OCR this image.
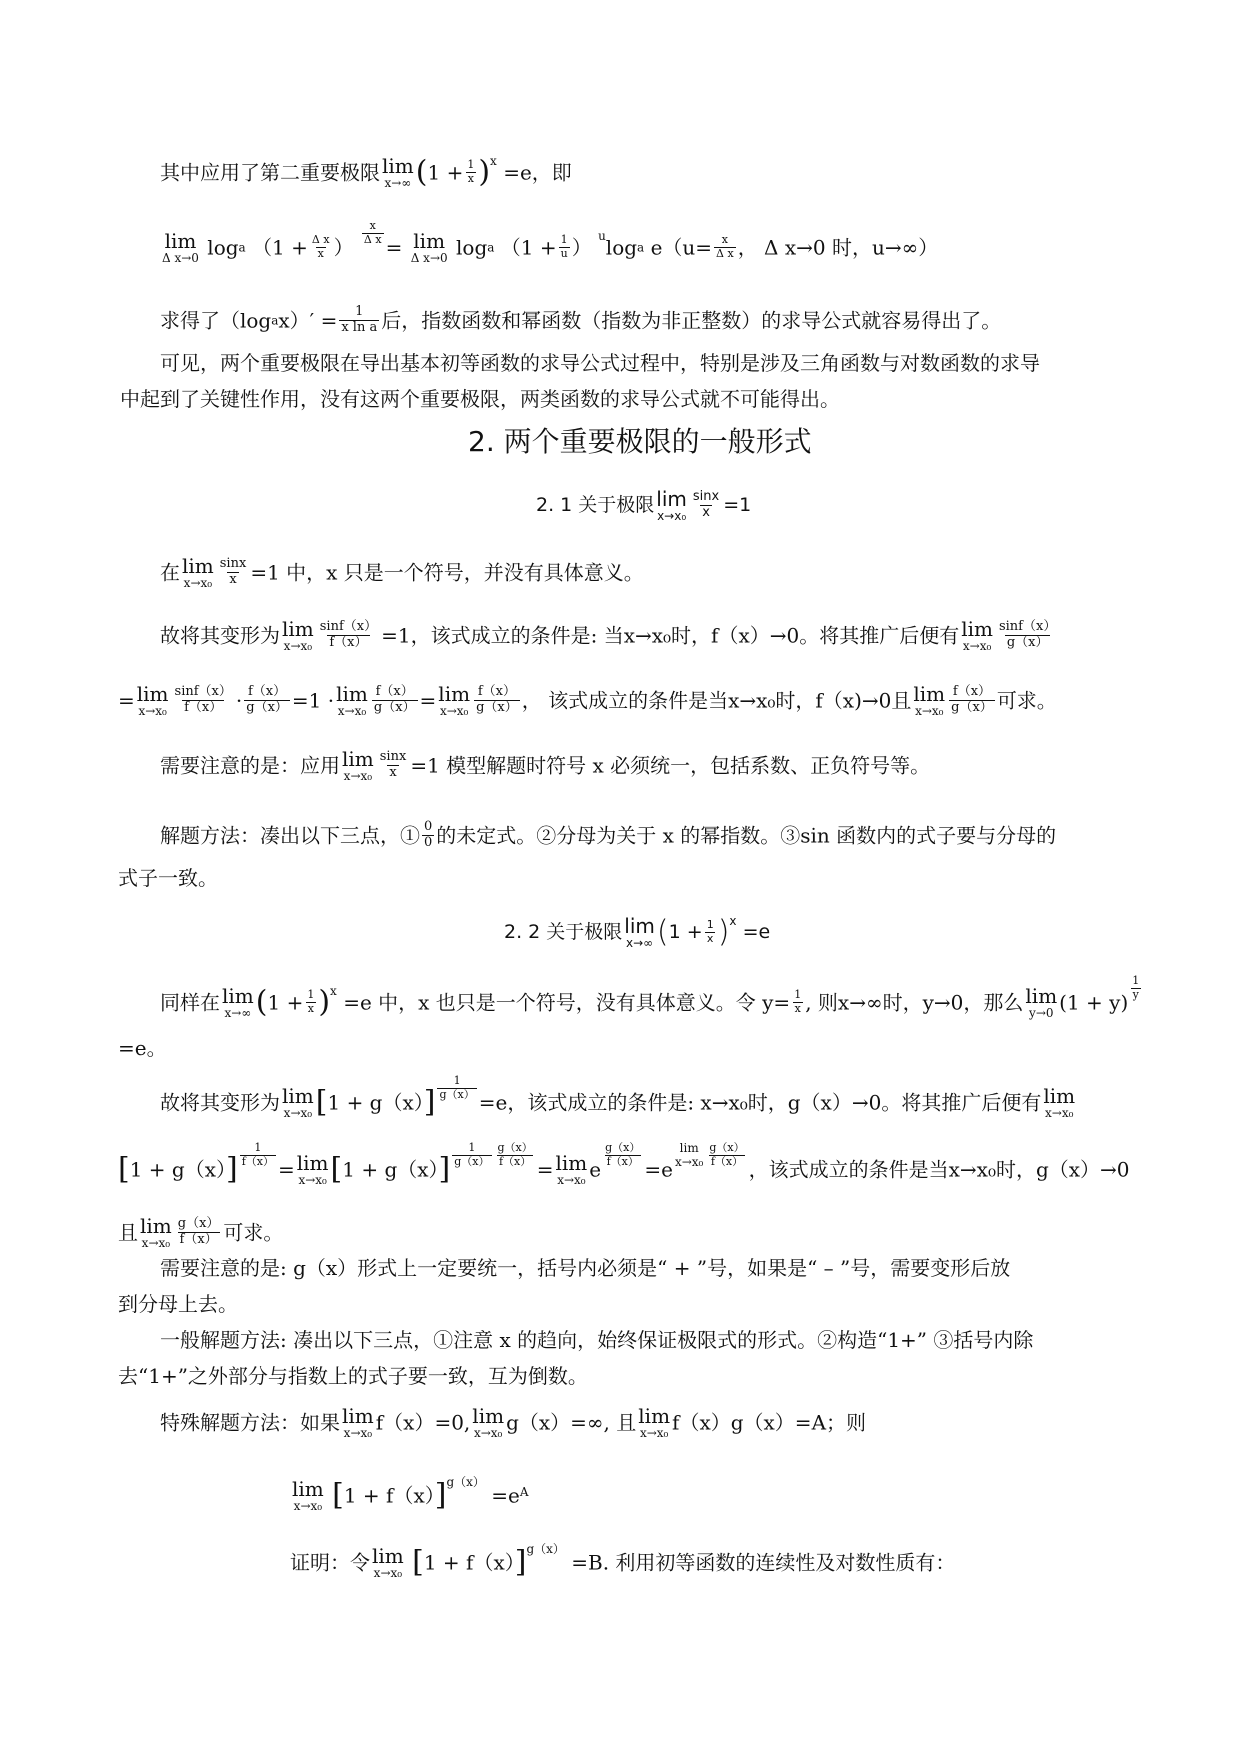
其中应用了第二重要极限 lim
x→∞ $(1 + \frac{1}{x} )^x =e$，即
lim
Δ x→0 loga （$1 + \frac{\text{Δ x}}{x}$ ）
$\frac{x}{\text{Δ x}}$
= lim
Δ x→0 loga （$1 + \frac{1}{u}$ ） $^u$loga $e(u= \frac{x}{\text{Δ x}}$ ， Δ x→0 时，u→∞）
求得了（logax）′ = $\frac{1}{\text{x ln a}}$ 后，指数函数和幂函数（指数为非正整数）的求导公式就容易得出了。

可见，两个重要极限在导出基本初等函数的求导公式过程中，特别是涉及三角函数与对数函数的求导
中起到了关键性作用，没有这两个重要极限，两类函数的求导公式就不可能得出。

2. 两个重要极限的一般形式
2. 1 关于极限 lim
$x\to x_0 \frac{\sin x}{x} =1$
在 lim
$x\to x_0 \frac{\sin x}{x} =1$ 中，x 只是一个符号，并没有具体意义。
故将其变形为 lim
$x\to x_0 \frac{\sin f(x)}{f(x)} =1$，该式成立的条件是: 当x→x₀时，f（x）→0。将其推广后便有 lim
$x\to x_0 \frac{\sin f(x)}{g(x)}$
= lim
$x\to x_0 \frac{\sin f(x)}{f(x)} \cdot \frac{f(x)}{g(x)} =1 \cdot \lim$
$x\to x_0 \frac{f(x)}{g(x)} = \lim$
$x\to x_0 \frac{f(x)}{g(x)}$ ， 该式成立的条件是当x→x₀时，f（x)→0且 lim
$x\to x_0 \frac{f(x)}{g(x)}$ 可求。
需要注意的是：应用 lim
$x\to x_0 \frac{\sin x}{x} =1$ 模型解题时符号 x 必须统一，包括系数、正负符号等。
解题方法：凑出以下三点，① $\frac{0}{0}$ 的未定式。②分母为关于 x 的幂指数。③sin 函数内的式子要与分母的
式子一致。
2. 2 关于极限 lim
x→∞ $(1 + \frac{1}{x} )^x =e$
同样在 lim
x→∞ $(1 + \frac{1}{x} )^x =e$ 中，x 也只是一个符号，没有具体意义。令 $y= \frac{1}{x}$ , 则x→∞时，y→0，那么 lim
y→0 (1 + y)
$\frac{1}{y}$
=e。
故将其变形为 lim
x→x₀ $[1 + g(x)] \frac{1}{g(x)}$
=e，该式成立的条件是: x→x₀时，g（x）→0。将其推广后便有 lim
x→x₀
$[1 + g(x)] \frac{1}{f(x)}$
= lim
x→x₀ $[1 + g(x)] \frac{1}{g(x)} \frac{g(x)}{f(x)}$
= lim
x→x₀ e
$\frac{g(x)}{f(x)}$
=e
lim
$x\to x_0 \frac{g(x)}{f(x)}$
，该式成立的条件是当x→x₀时，g（x）→0
且 lim
$x\to x_0 \frac{g(x)}{f(x)}$ 可求。

需要注意的是: g（x）形式上一定要统一，括号内必须是“ + ”号，如果是“ – ”号，需要变形后放
到分母上去。

一般解题方法: 凑出以下三点，①注意 x 的趋向，始终保证极限式的形式。②构造“1+” ③括号内除
去“1+”之外部分与指数上的式子要一致，互为倒数。

特殊解题方法：如果 lim
x→x₀ f（x）=0, lim
x→x₀ g（x）=∞, 且 lim
x→x₀ f（x）g（x）=A；则
lim
x→x₀ $[1 + f(x)]^{g(x)} =e^A$
证明：令 lim
x→x₀ $[1 + f(x)]^{g(x)} =B$. 利用初等函数的连续性及对数性质有：
